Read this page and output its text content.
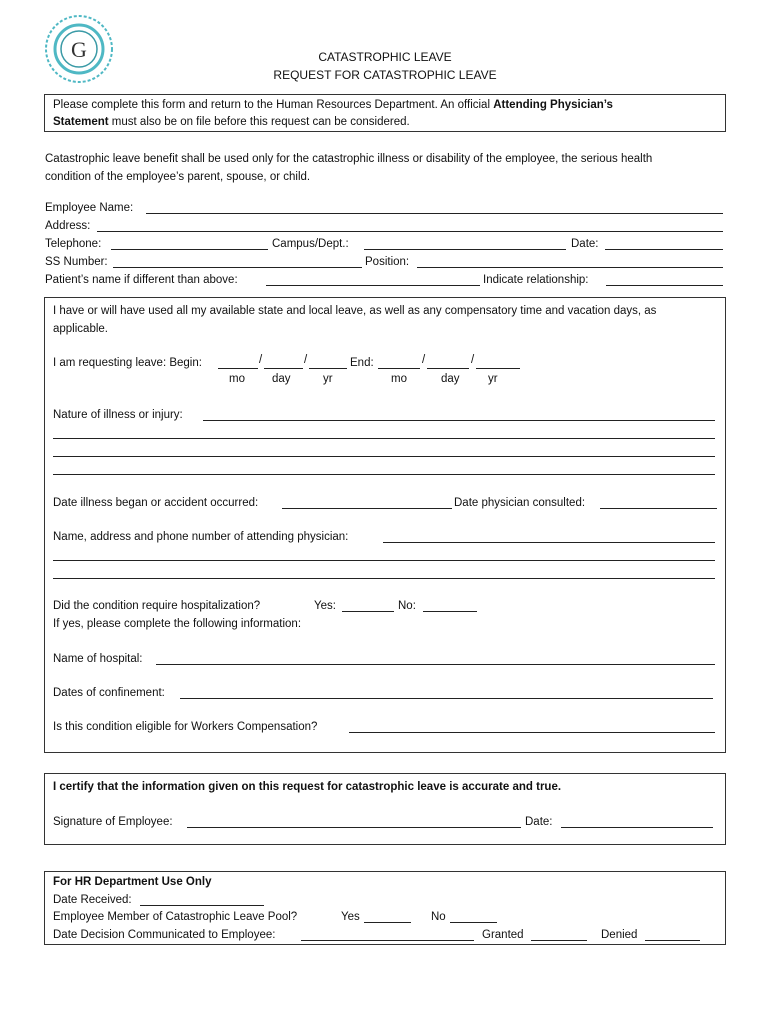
G	CATASTROPHIC LEAVE
REQUEST FOR CATASTROPHIC LEAVE
Please complete this form and return to the Human Resources Department. An official Attending Physician’s
Statement must also be on file before this request can be considered.
Catastrophic leave benefit shall be used only for the catastrophic illness or disability of the employee, the serious health
condition of the employee’s parent, spouse, or child.
Employee Name:
Address:
Telephone:	Campus/Dept.:	Date:
SS Number:	Position:
Patient’s name if different than above:	Indicate relationship:
I have or will have used all my available state and local leave, as well as any compensatory time and vacation days, as
applicable.
I am requesting leave: Begin:	/	/	End:	/	/
mo day	yr	mo	day yr
Nature of illness or injury:
Date illness began or accident occurred:	Date physician consulted:
Name, address and phone number of attending physician:
Did the condition require hospitalization?	Yes:	No:
If yes, please complete the following information:
Name of hospital:
Dates of confinement:
Is this condition eligible for Workers Compensation?
I certify that the information given on this request for catastrophic leave is accurate and true.
Signature of Employee:	Date:
For HR Department Use Only
Date Received:
Employee Member of Catastrophic Leave Pool?	Yes	No
Date Decision Communicated to Employee:	Granted	Denied
